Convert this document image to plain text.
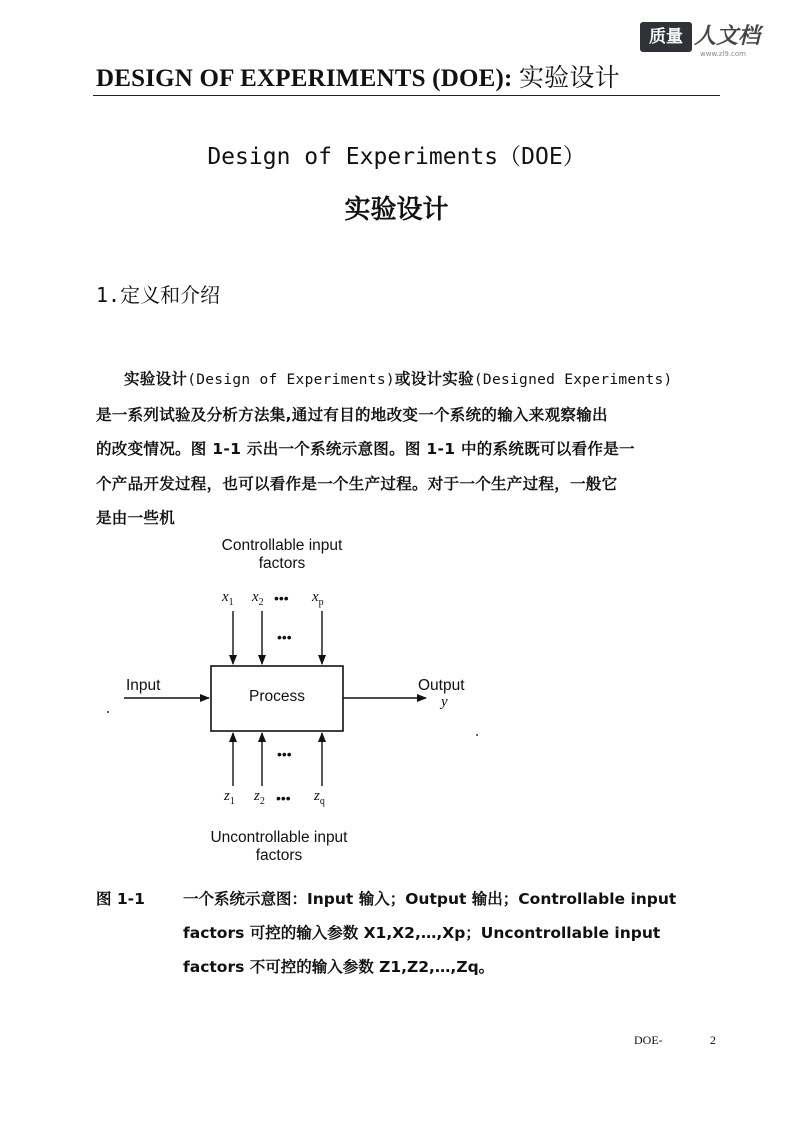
质量 人文档
www.zl9.com
DESIGN OF EXPERIMENTS (DOE): 实验设计
Design of Experiments（DOE）
实验设计
1.定义和介绍
实验设计(Design of Experiments)或设计实验(Designed Experiments)
是一系列试验及分析方法集,通过有目的地改变一个系统的输入来观察输出
的改变情况。图 1-1 示出一个系统示意图。图 1-1 中的系统既可以看作是一
个产品开发过程，也可以看作是一个生产过程。对于一个生产过程，一般它
是由一些机
Controllable input
factors
$x_1$ $x_2$ ••• $x_p$
•••
Input
Process
Output
y
•••
$z_1$ $z_2$ ••• $z_q$
Uncontrollable input
factors
图 1-1 一个系统示意图：Input 输入；Output 输出；Controllable input
factors 可控的输入参数 X1,X2,…,Xp；Uncontrollable input
factors 不可控的输入参数 Z1,Z2,…,Zq。
DOE-	2
